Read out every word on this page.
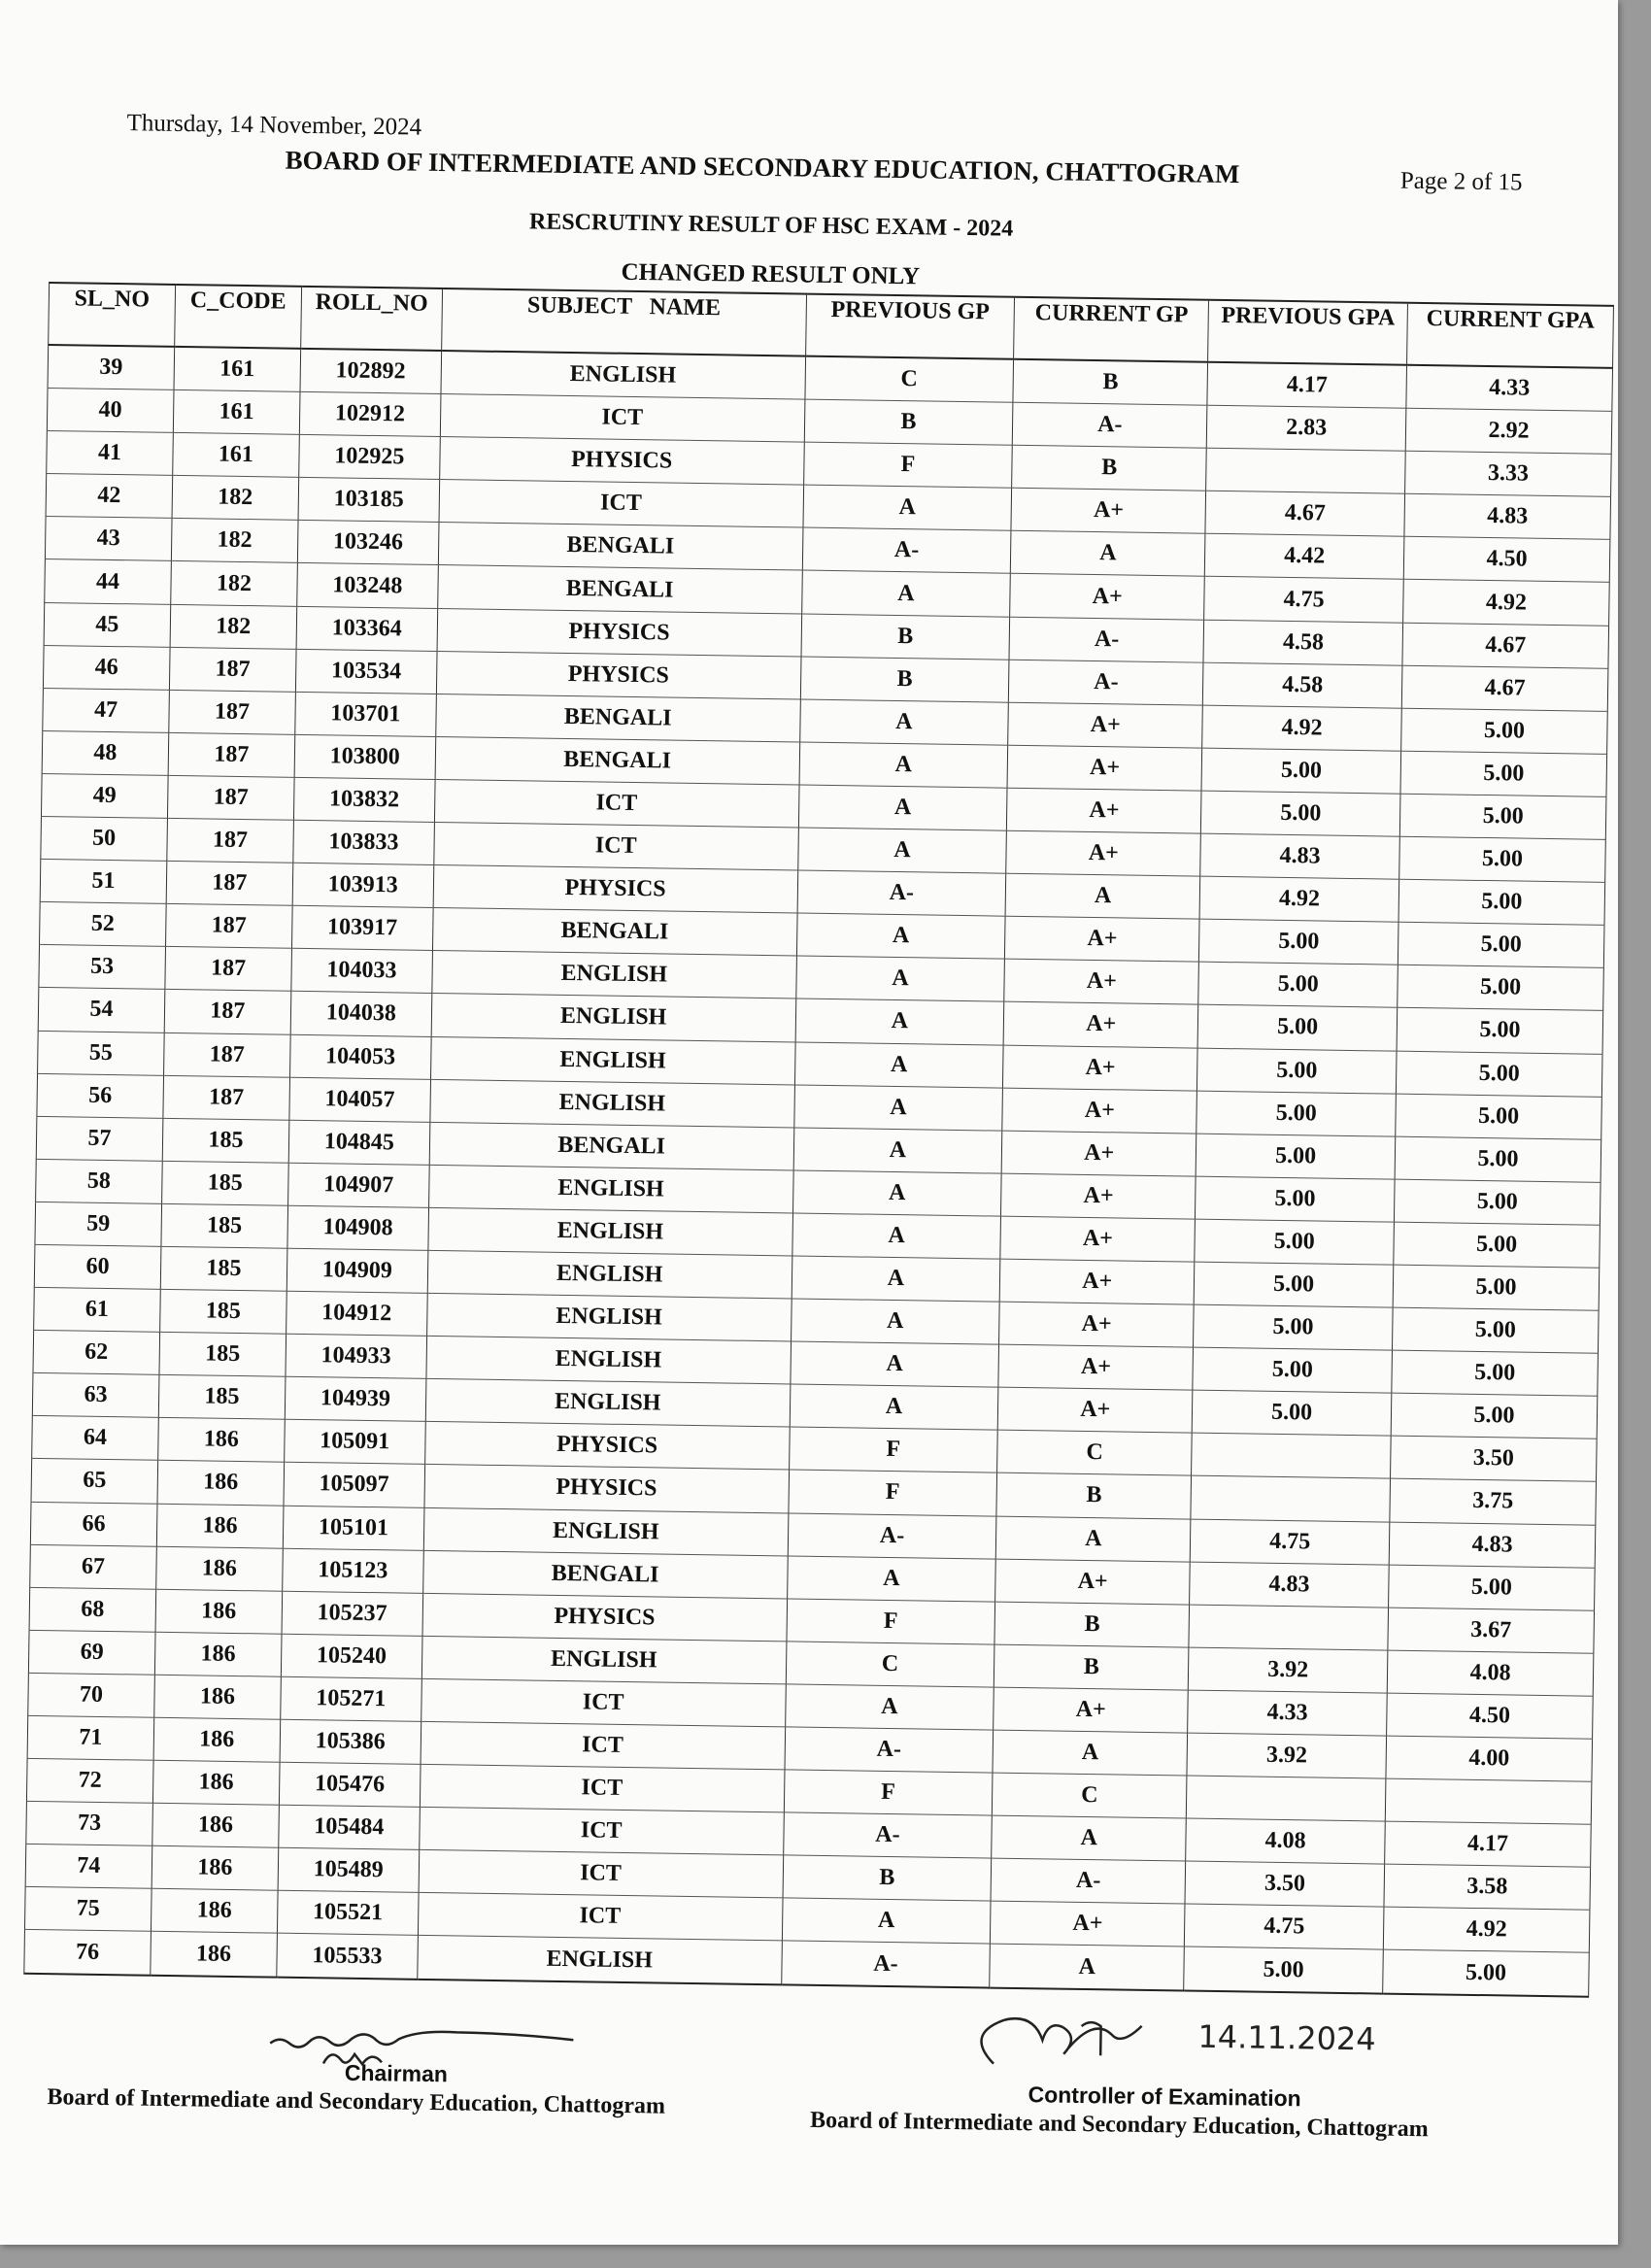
Thursday, 14 November, 2024
Page 2 of 15
BOARD OF INTERMEDIATE AND SECONDARY EDUCATION, CHATTOGRAM
RESCRUTINY RESULT OF HSC EXAM - 2024
CHANGED RESULT ONLY
SL_NO	C_CODE	ROLL_NO	SUBJECT   NAME	PREVIOUS GP	CURRENT GP	PREVIOUS GPA	CURRENT GPA
39	161	102892	ENGLISH	C	B	4.17	4.33
40	161	102912	ICT	B	A-	2.83	2.92
41	161	102925	PHYSICS	F	B		3.33
42	182	103185	ICT	A	A+	4.67	4.83
43	182	103246	BENGALI	A-	A	4.42	4.50
44	182	103248	BENGALI	A	A+	4.75	4.92
45	182	103364	PHYSICS	B	A-	4.58	4.67
46	187	103534	PHYSICS	B	A-	4.58	4.67
47	187	103701	BENGALI	A	A+	4.92	5.00
48	187	103800	BENGALI	A	A+	5.00	5.00
49	187	103832	ICT	A	A+	5.00	5.00
50	187	103833	ICT	A	A+	4.83	5.00
51	187	103913	PHYSICS	A-	A	4.92	5.00
52	187	103917	BENGALI	A	A+	5.00	5.00
53	187	104033	ENGLISH	A	A+	5.00	5.00
54	187	104038	ENGLISH	A	A+	5.00	5.00
55	187	104053	ENGLISH	A	A+	5.00	5.00
56	187	104057	ENGLISH	A	A+	5.00	5.00
57	185	104845	BENGALI	A	A+	5.00	5.00
58	185	104907	ENGLISH	A	A+	5.00	5.00
59	185	104908	ENGLISH	A	A+	5.00	5.00
60	185	104909	ENGLISH	A	A+	5.00	5.00
61	185	104912	ENGLISH	A	A+	5.00	5.00
62	185	104933	ENGLISH	A	A+	5.00	5.00
63	185	104939	ENGLISH	A	A+	5.00	5.00
64	186	105091	PHYSICS	F	C		3.50
65	186	105097	PHYSICS	F	B		3.75
66	186	105101	ENGLISH	A-	A	4.75	4.83
67	186	105123	BENGALI	A	A+	4.83	5.00
68	186	105237	PHYSICS	F	B		3.67
69	186	105240	ENGLISH	C	B	3.92	4.08
70	186	105271	ICT	A	A+	4.33	4.50
71	186	105386	ICT	A-	A	3.92	4.00
72	186	105476	ICT	F	C		
73	186	105484	ICT	A-	A	4.08	4.17
74	186	105489	ICT	B	A-	3.50	3.58
75	186	105521	ICT	A	A+	4.75	4.92
76	186	105533	ENGLISH	A-	A	5.00	5.00
Chairman
Board of Intermediate and Secondary Education, Chattogram
14.11.2024
Controller of Examination
Board of Intermediate and Secondary Education, Chattogram
